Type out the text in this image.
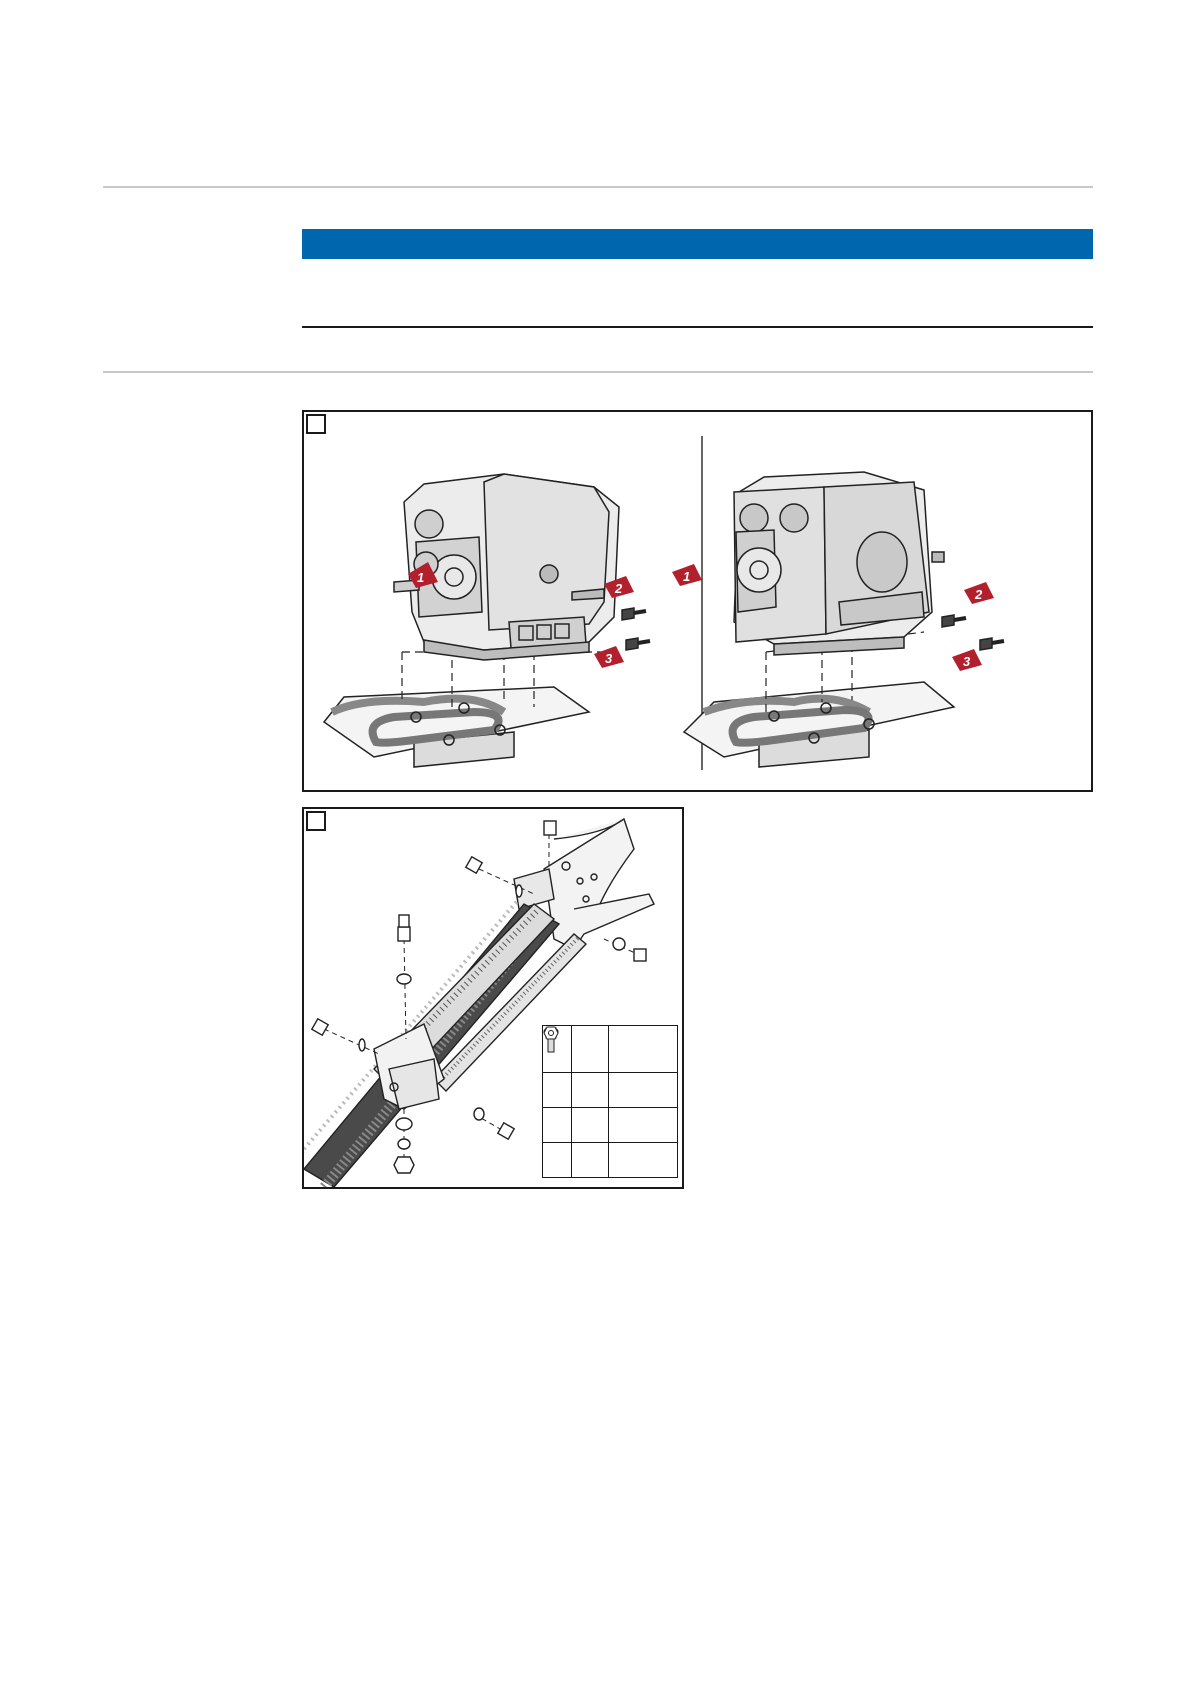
1
2
3
1
2
3
